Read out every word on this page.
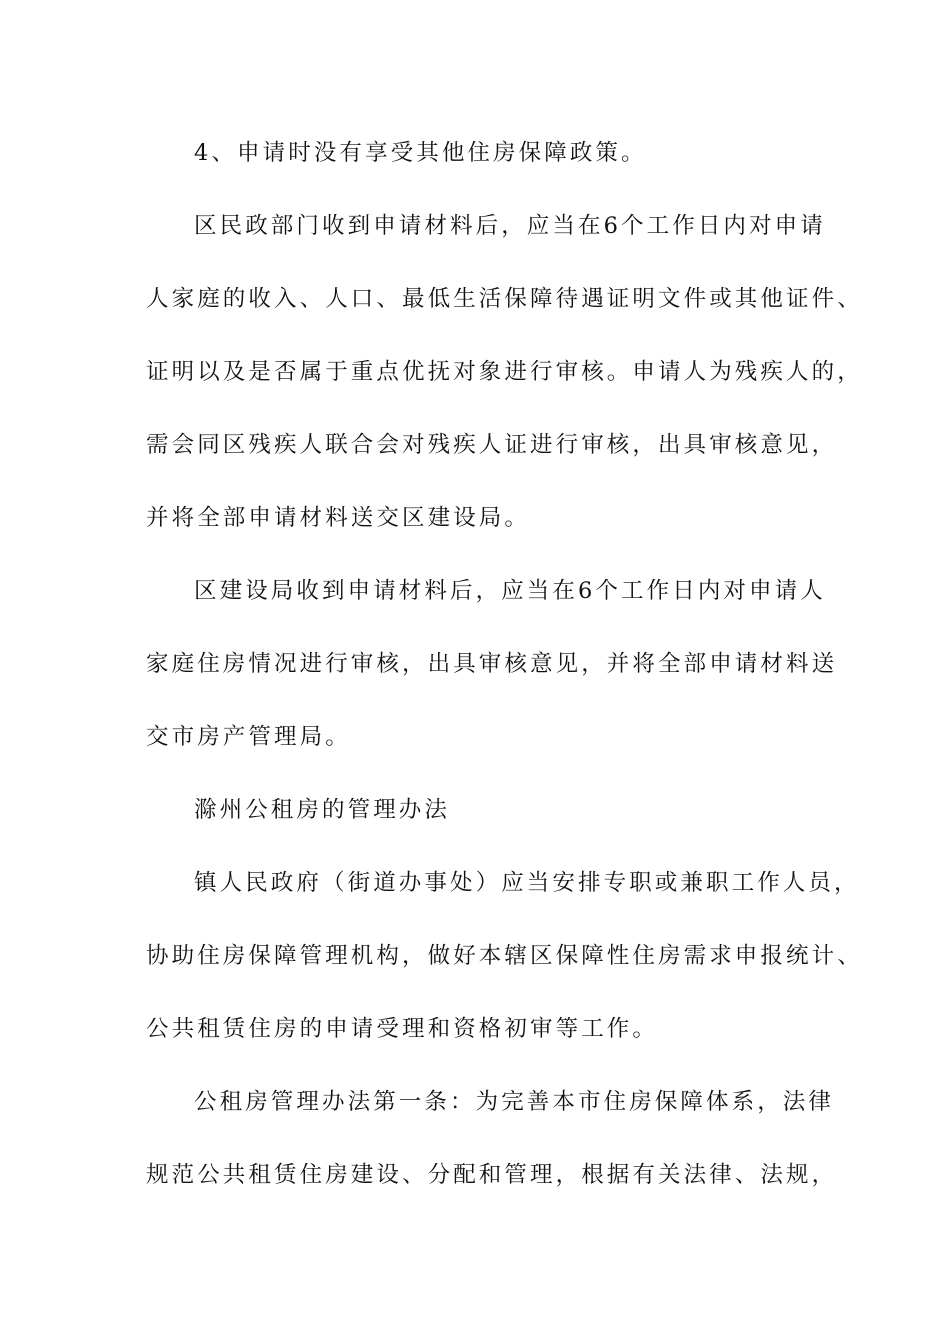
4、申请时没有享受其他住房保障政策。
区民政部门收到申请材料后，应当在6个工作日内对申请
人家庭的收入、人口、最低生活保障待遇证明文件或其他证件、
证明以及是否属于重点优抚对象进行审核。申请人为残疾人的，
需会同区残疾人联合会对残疾人证进行审核，出具审核意见，
并将全部申请材料送交区建设局。
区建设局收到申请材料后，应当在6个工作日内对申请人
家庭住房情况进行审核，出具审核意见，并将全部申请材料送
交市房产管理局。
滁州公租房的管理办法
镇人民政府（街道办事处）应当安排专职或兼职工作人员，
协助住房保障管理机构，做好本辖区保障性住房需求申报统计、
公共租赁住房的申请受理和资格初审等工作。
公租房管理办法第一条：为完善本市住房保障体系，法律
规范公共租赁住房建设、分配和管理，根据有关法律、法规，
